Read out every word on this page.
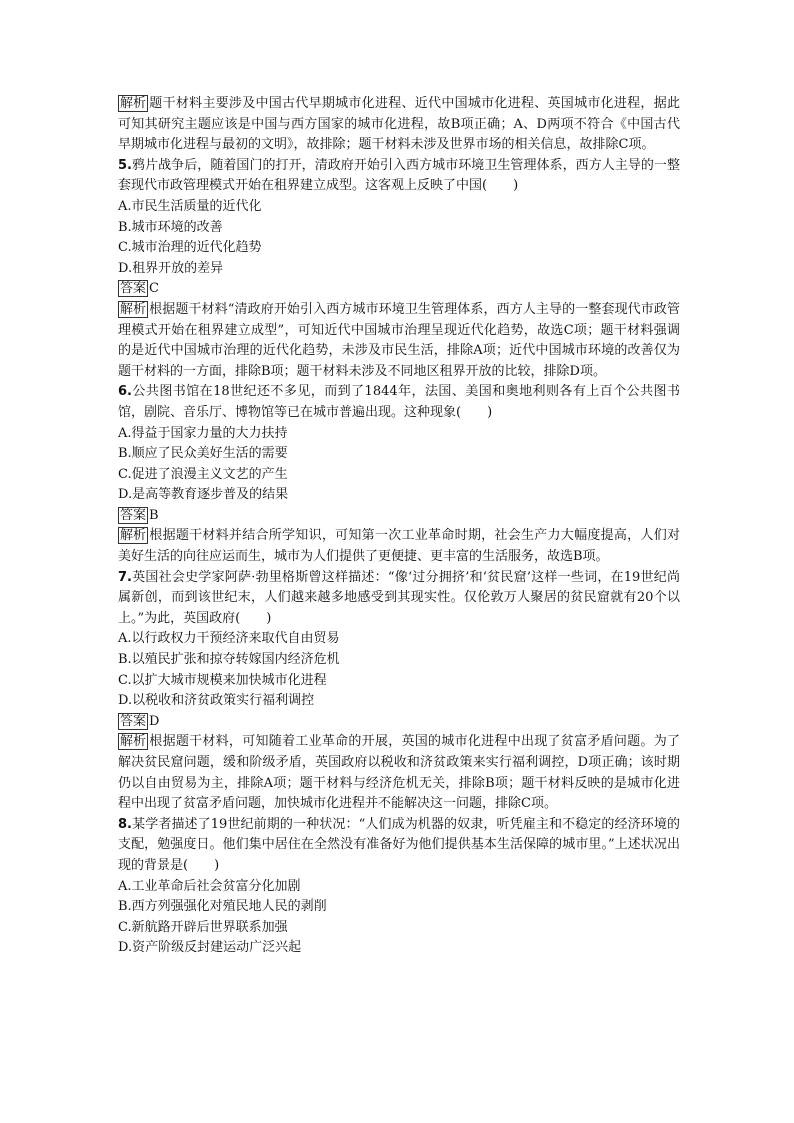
解析 题干材料主要涉及中国古代早期城市化进程、近代中国城市化进程、英国城市化进程，据此可知其研究主题应该是中国与西方国家的城市化进程，故B项正确；A、D两项不符合《中国古代早期城市化进程与最初的文明》，故排除；题干材料未涉及世界市场的相关信息，故排除C项。

5.鸦片战争后，随着国门的打开，清政府开始引入西方城市环境卫生管理体系，西方人主导的一整套现代市政管理模式开始在租界建立成型。这客观上反映了中国(　　)

A.市民生活质量的近代化

B.城市环境的改善

C.城市治理的近代化趋势

D.租界开放的差异

答案 C

解析 根据题干材料“清政府开始引入西方城市环境卫生管理体系，西方人主导的一整套现代市政管理模式开始在租界建立成型”，可知近代中国城市治理呈现近代化趋势，故选C项；题干材料强调的是近代中国城市治理的近代化趋势，未涉及市民生活，排除A项；近代中国城市环境的改善仅为题干材料的一方面，排除B项；题干材料未涉及不同地区租界开放的比较，排除D项。

6.公共图书馆在18世纪还不多见，而到了1844年，法国、美国和奥地利则各有上百个公共图书馆，剧院、音乐厅、博物馆等已在城市普遍出现。这种现象(　　)

A.得益于国家力量的大力扶持

B.顺应了民众美好生活的需要

C.促进了浪漫主义文艺的产生

D.是高等教育逐步普及的结果

答案 B

解析 根据题干材料并结合所学知识，可知第一次工业革命时期，社会生产力大幅度提高，人们对美好生活的向往应运而生，城市为人们提供了更便捷、更丰富的生活服务，故选B项。

7.英国社会史学家阿萨·勃里格斯曾这样描述：“像‘过分拥挤’和‘贫民窟’这样一些词，在19世纪尚属新创，而到该世纪末，人们越来越多地感受到其现实性。仅伦敦万人聚居的贫民窟就有20个以上。”为此，英国政府(　　)

A.以行政权力干预经济来取代自由贸易

B.以殖民扩张和掠夺转嫁国内经济危机

C.以扩大城市规模来加快城市化进程

D.以税收和济贫政策实行福利调控

答案 D

解析 根据题干材料，可知随着工业革命的开展，英国的城市化进程中出现了贫富矛盾问题。为了解决贫民窟问题，缓和阶级矛盾，英国政府以税收和济贫政策来实行福利调控，D项正确；该时期仍以自由贸易为主，排除A项；题干材料与经济危机无关，排除B项；题干材料反映的是城市化进程中出现了贫富矛盾问题，加快城市化进程并不能解决这一问题，排除C项。

8.某学者描述了19世纪前期的一种状况：“人们成为机器的奴隶，听凭雇主和不稳定的经济环境的支配，勉强度日。他们集中居住在全然没有准备好为他们提供基本生活保障的城市里。”上述状况出现的背景是(　　)

A.工业革命后社会贫富分化加剧

B.西方列强强化对殖民地人民的剥削

C.新航路开辟后世界联系加强

D.资产阶级反封建运动广泛兴起
